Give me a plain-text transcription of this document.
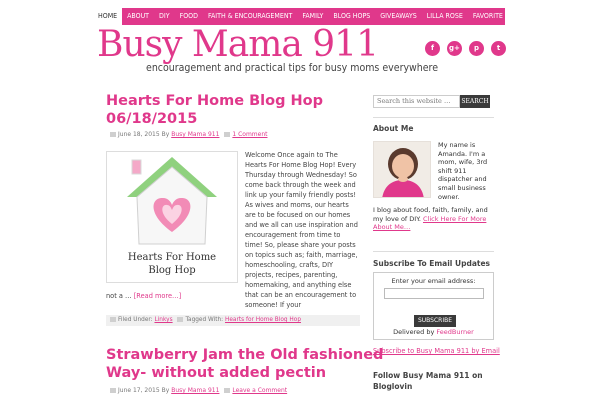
HOME	ABOUT	DIY	FOOD	FAITH & ENCOURAGEMENT	FAMILY	BLOG HOPS	GIVEAWAYS	LILLA ROSE	FAVORITE LINKS
Busy Mama 911
encouragement and practical tips for busy moms everywhere
f	g+	p	t
Hearts For Home Blog Hop
06/18/2015
June 18, 2015 By Busy Mama 911 1 Comment
Hearts For Home
Blog Hop
Welcome Once again to The Hearts For Home Blog Hop! Every Thursday through Wednesday! So come back through the week and link up your family friendly posts! As wives and moms, our hearts are to be focused on our homes and we all can use inspiration and encouragement from time to time! So, please share your posts on topics such as; faith, marriage, homeschooling, crafts, DIY projects, recipes, parenting, homemaking, and anything else that can be an encouragement to someone! If your
not a … [Read more…]
Filed Under: Linkys Tagged With: Hearts for Home Blog Hop
Strawberry Jam the Old fashioned
Way- without added pectin
June 17, 2015 By Busy Mama 911 Leave a Comment
Search this website …	SEARCH
About Me
My name is Amanda. I'm a mom, wife, 3rd shift 911 dispatcher and small business owner.
I blog about food, faith, family, and my love of DIY. Click Here For More About Me…
Subscribe To Email Updates
Enter your email address:
SUBSCRIBE
Delivered by FeedBurner
Subscribe to Busy Mama 911 by Email
Follow Busy Mama 911 on Bloglovin
